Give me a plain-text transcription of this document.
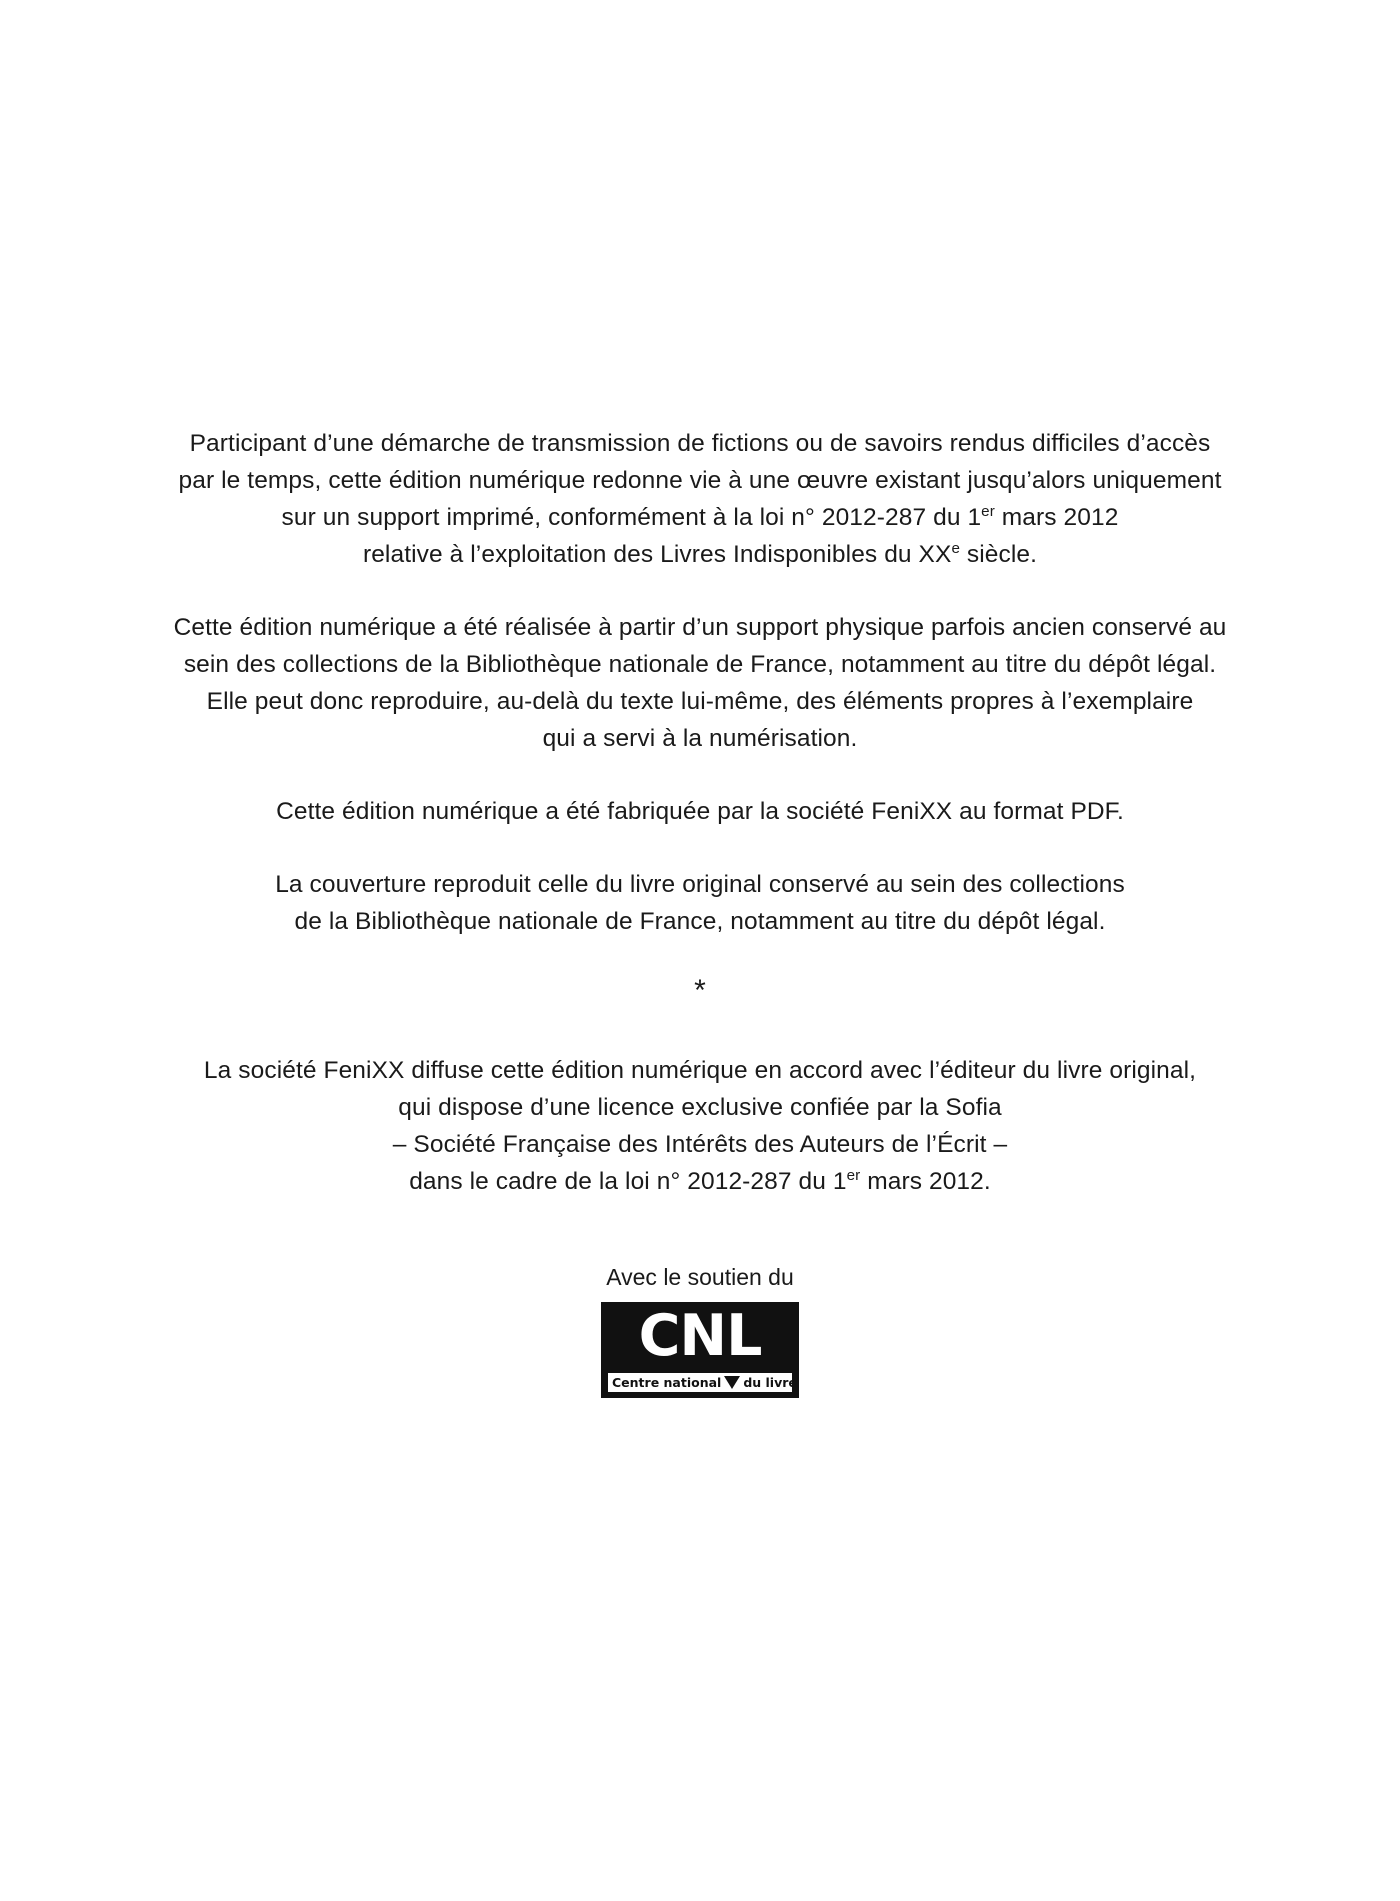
Participant d’une démarche de transmission de fictions ou de savoirs rendus difficiles d’accès
par le temps, cette édition numérique redonne vie à une œuvre existant jusqu’alors uniquement
sur un support imprimé, conformément à la loi n° 2012-287 du 1er mars 2012
relative à l’exploitation des Livres Indisponibles du XXe siècle.

Cette édition numérique a été réalisée à partir d’un support physique parfois ancien conservé au
sein des collections de la Bibliothèque nationale de France, notamment au titre du dépôt légal.
Elle peut donc reproduire, au-delà du texte lui-même, des éléments propres à l’exemplaire
qui a servi à la numérisation.

Cette édition numérique a été fabriquée par la société FeniXX au format PDF.

La couverture reproduit celle du livre original conservé au sein des collections
de la Bibliothèque nationale de France, notamment au titre du dépôt légal.

*

La société FeniXX diffuse cette édition numérique en accord avec l’éditeur du livre original,
qui dispose d’une licence exclusive confiée par la Sofia
– Société Française des Intérêts des Auteurs de l’Écrit –
dans le cadre de la loi n° 2012-287 du 1er mars 2012.

Avec le soutien du

CNL
Centre national du livre
